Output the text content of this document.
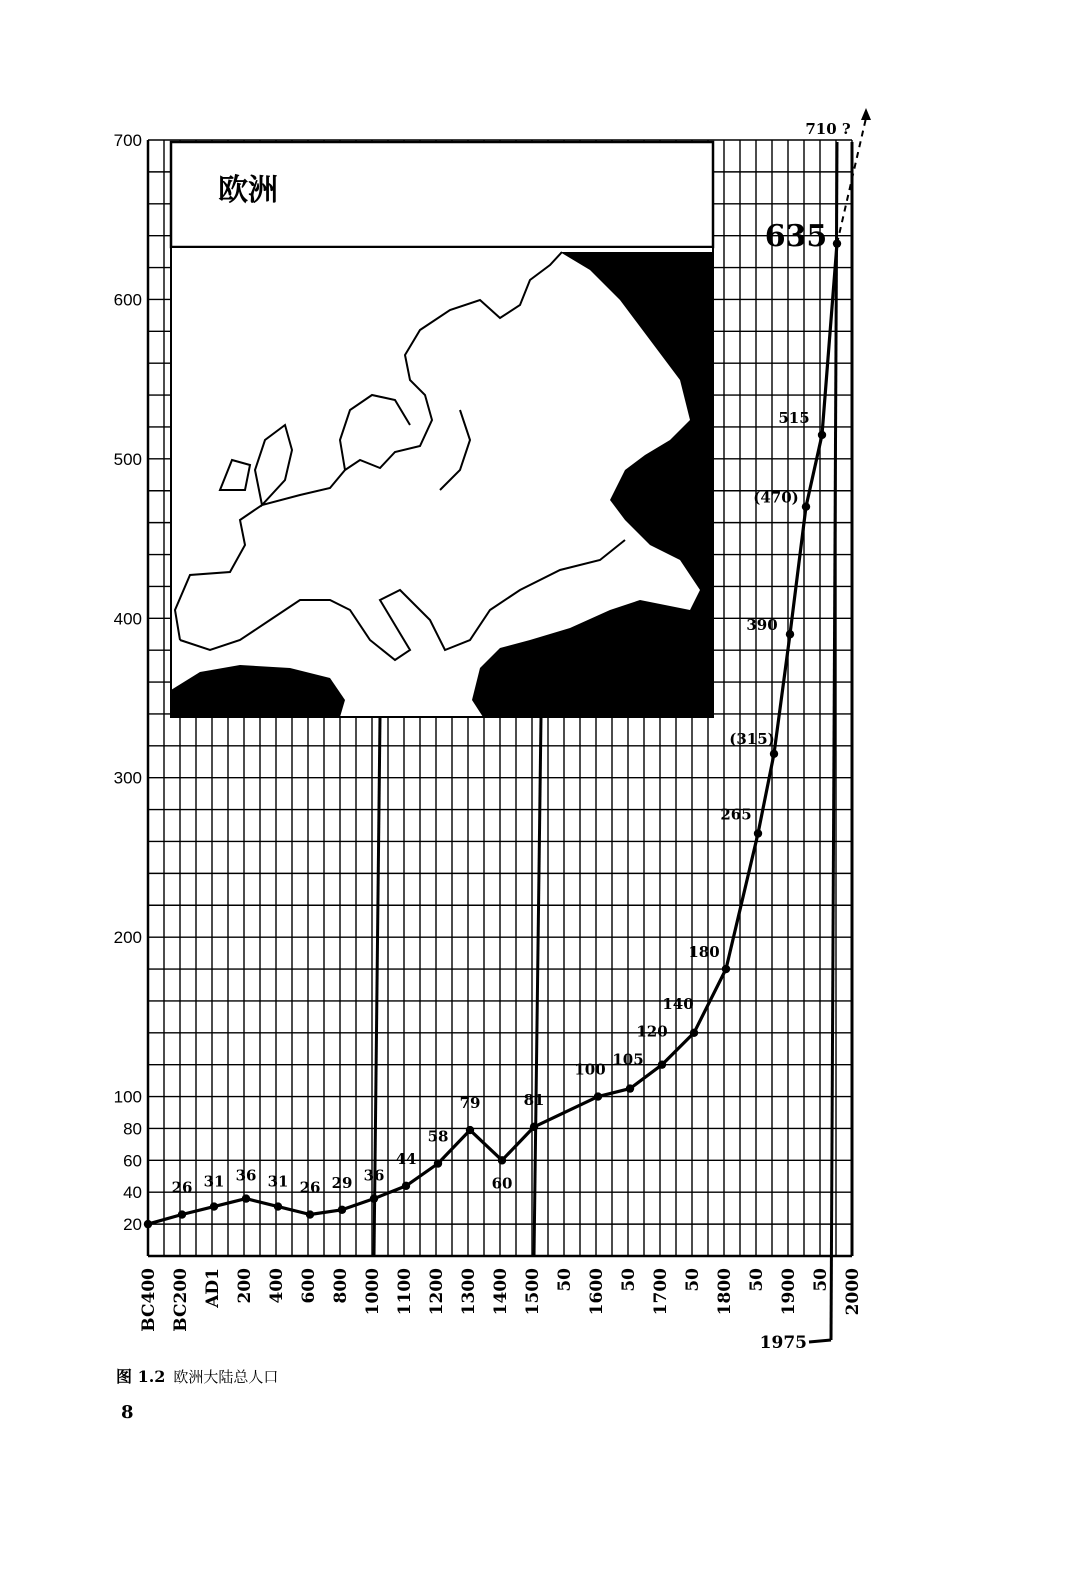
欧洲
26 31 36 31 26 29 36
44
58
79
60
81
100
105
120
140
180
265
(315)
390
(470)
515
635
710 ?
20
40
60
80
100
200
300
400
500
600
700
BC400 BC200 AD1 200 400 600 800 1000 1100 1200 1300 1400 1500 50 1600 50 1700 50 1800 50 1900 50 2000
1975
图 1.2 欧洲大陆总人口
8
